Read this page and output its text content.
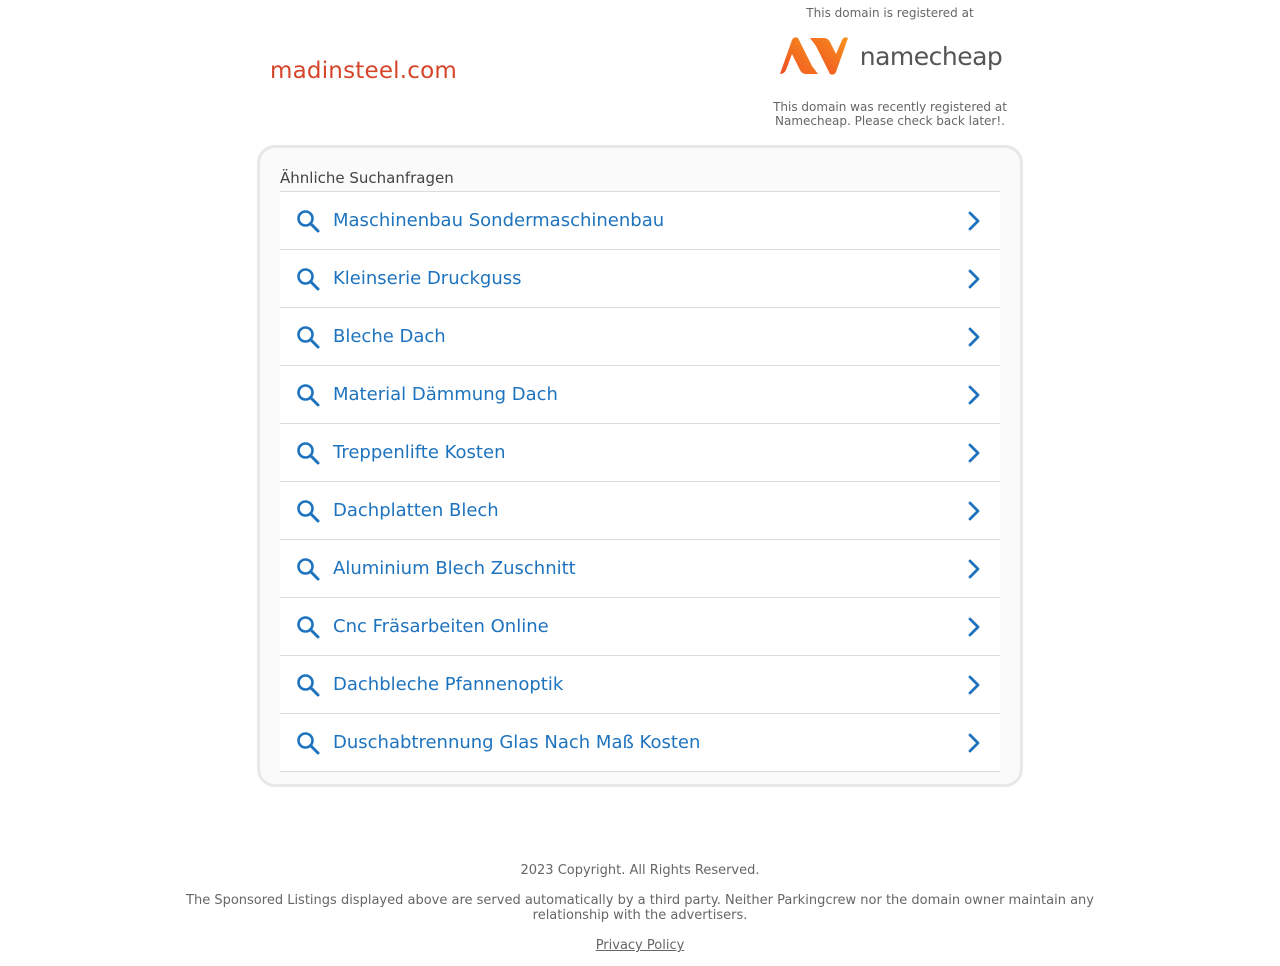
madinsteel.com
This domain is registered at
namecheap
This domain was recently registered at
Namecheap. Please check back later!.
Ähnliche Suchanfragen
Maschinenbau Sondermaschinenbau
Kleinserie Druckguss
Bleche Dach
Material Dämmung Dach
Treppenlifte Kosten
Dachplatten Blech
Aluminium Blech Zuschnitt
Cnc Fräsarbeiten Online
Dachbleche Pfannenoptik
Duschabtrennung Glas Nach Maß Kosten
2023 Copyright. All Rights Reserved.
The Sponsored Listings displayed above are served automatically by a third party. Neither Parkingcrew nor the domain owner maintain any
relationship with the advertisers.
Privacy Policy
